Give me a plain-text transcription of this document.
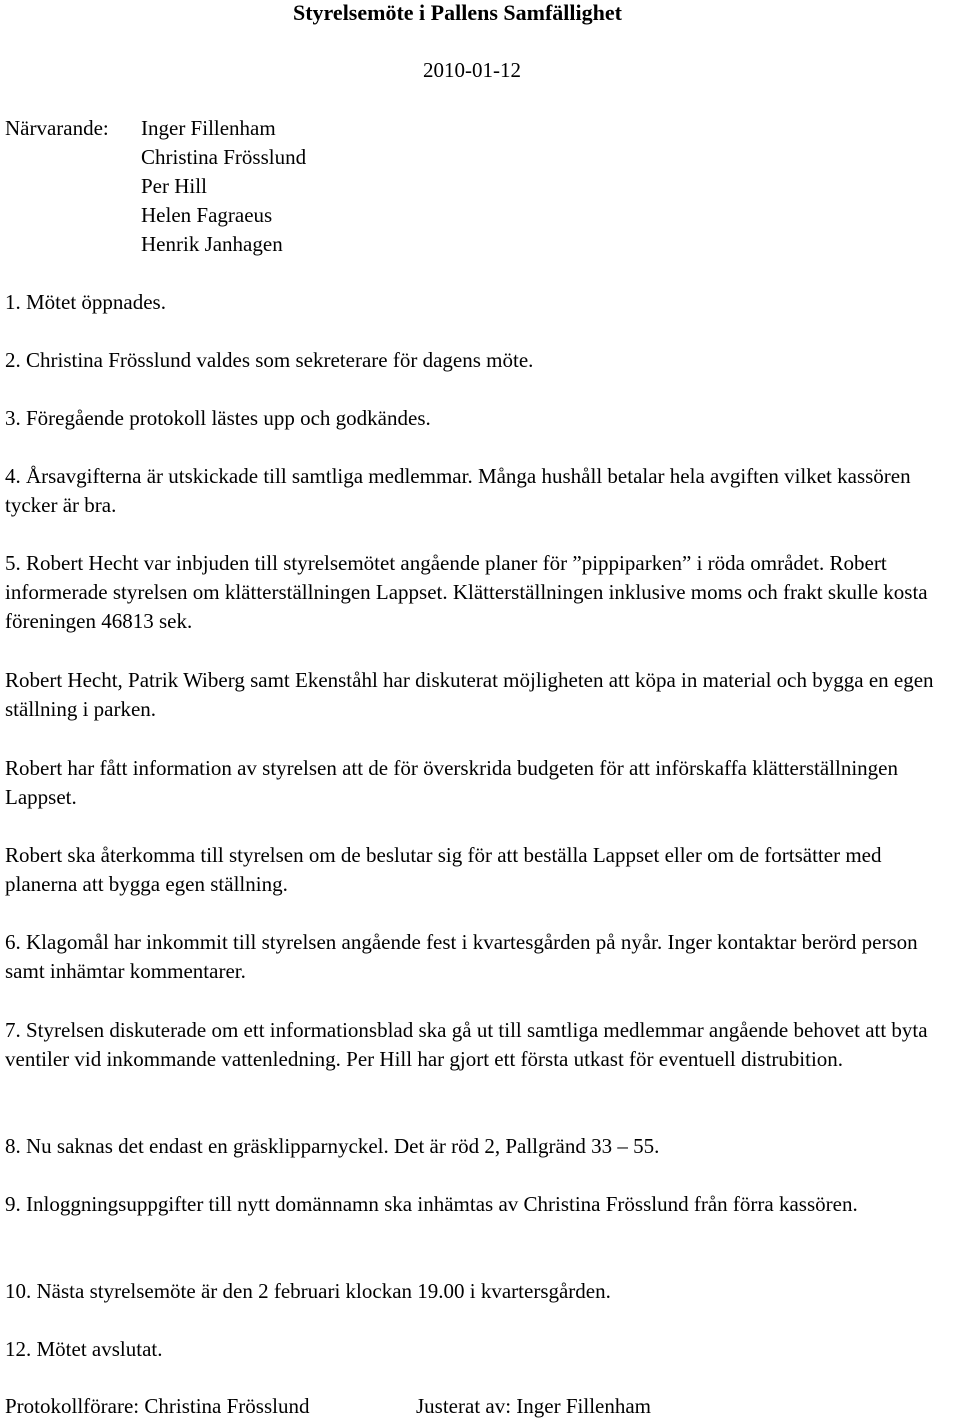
Styrelsemöte i Pallens Samfällighet
2010-01-12
Närvarande: Inger Fillenham
Christina Frösslund
Per Hill
Helen Fagraeus
Henrik Janhagen

1. Mötet öppnades.

2. Christina Frösslund valdes som sekreterare för dagens möte.

3. Föregående protokoll lästes upp och godkändes.

4. Årsavgifterna är utskickade till samtliga medlemmar. Många hushåll betalar hela avgiften vilket kassören tycker är bra.

5. Robert Hecht var inbjuden till styrelsemötet angående planer för ”pippiparken” i röda området. Robert informerade styrelsen om klätterställningen Lappset. Klätterställningen inklusive moms och frakt skulle kosta föreningen 46813 sek.

Robert Hecht, Patrik Wiberg samt Ekenståhl har diskuterat möjligheten att köpa in material och bygga en egen ställning i parken.

Robert har fått information av styrelsen att de för överskrida budgeten för att införskaffa klätterställningen Lappset.

Robert ska återkomma till styrelsen om de beslutar sig för att beställa Lappset eller om de fortsätter med planerna att bygga egen ställning.

6. Klagomål har inkommit till styrelsen angående fest i kvartesgården på nyår. Inger kontaktar berörd person samt inhämtar kommentarer.

7. Styrelsen diskuterade om ett informationsblad ska gå ut till samtliga medlemmar angående behovet att byta ventiler vid inkommande vattenledning. Per Hill har gjort ett första utkast för eventuell distrubition.

8. Nu saknas det endast en gräsklipparnyckel. Det är röd 2, Pallgränd 33 – 55.

9. Inloggningsuppgifter till nytt domännamn ska inhämtas av Christina Frösslund från förra kassören.

10. Nästa styrelsemöte är den 2 februari klockan 19.00 i kvartersgården.

12. Mötet avslutat.

Protokollförare: Christina Frösslund	Justerat av: Inger Fillenham
